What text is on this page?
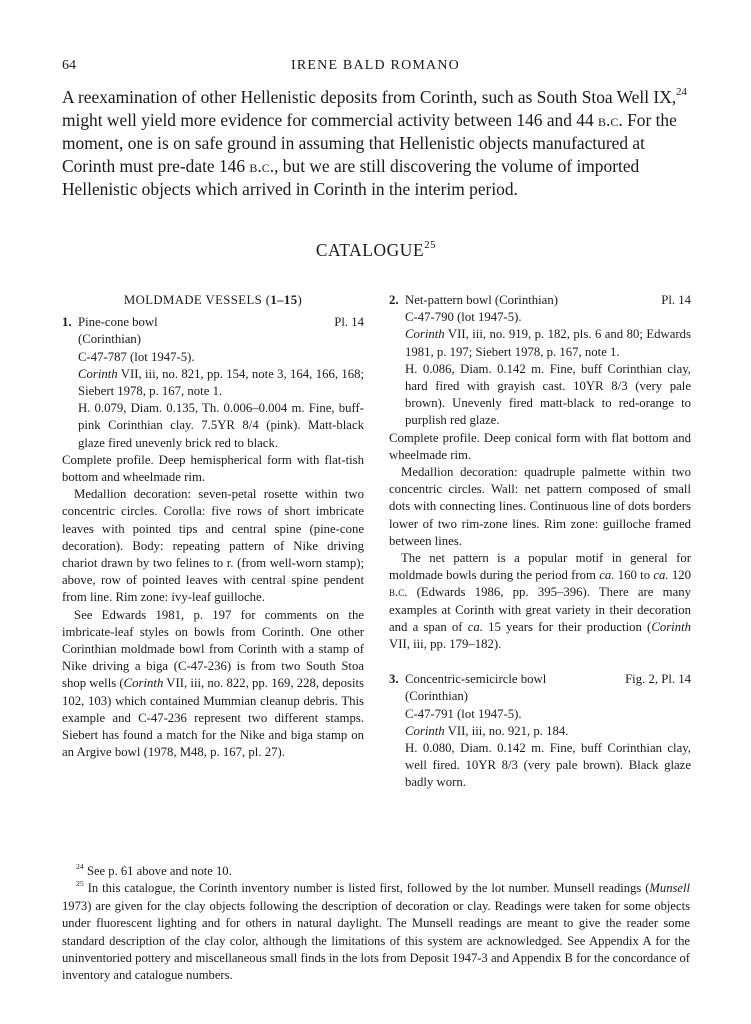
64	IRENE BALD ROMANO

A reexamination of other Hellenistic deposits from Corinth, such as South Stoa Well IX,$^{24}$ might well yield more evidence for commercial activity between 146 and 44 b.c. For the moment, one is on safe ground in assuming that Hellenistic objects manufactured at Corinth must pre-date 146 b.c., but we are still discovering the volume of imported Hellenistic objects which arrived in Corinth in the interim period.

CATALOGUE$^{25}$
MOLDMADE VESSELS (1–15)

1. Pine-cone bowl	Pl. 14

(Corinthian)

C-47-787 (lot 1947-5).

Corinth VII, iii, no. 821, pp. 154, note 3, 164, 166, 168; Siebert 1978, p. 167, note 1.

H. 0.079, Diam. 0.135, Th. 0.006–0.004 m. Fine, buff-pink Corinthian clay. 7.5YR 8/4 (pink). Matt-black glaze fired unevenly brick red to black.

Complete profile. Deep hemispherical form with flat-tish bottom and wheelmade rim.

Medallion decoration: seven-petal rosette within two concentric circles. Corolla: five rows of short imbricate leaves with pointed tips and central spine (pine-cone decoration). Body: repeating pattern of Nike driving chariot drawn by two felines to r. (from well-worn stamp); above, row of pointed leaves with central spine pendent from line. Rim zone: ivy-leaf guilloche.

See Edwards 1981, p. 197 for comments on the imbricate-leaf styles on bowls from Corinth. One other Corinthian moldmade bowl from Corinth with a stamp of Nike driving a biga (C-47-236) is from two South Stoa shop wells (Corinth VII, iii, no. 822, pp. 169, 228, deposits 102, 103) which contained Mummian cleanup debris. This example and C-47-236 represent two different stamps. Siebert has found a match for the Nike and biga stamp on an Argive bowl (1978, M48, p. 167, pl. 27).

2. Net-pattern bowl (Corinthian)	Pl. 14

C-47-790 (lot 1947-5).

Corinth VII, iii, no. 919, p. 182, pls. 6 and 80; Edwards 1981, p. 197; Siebert 1978, p. 167, note 1.

H. 0.086, Diam. 0.142 m. Fine, buff Corinthian clay, hard fired with grayish cast. 10YR 8/3 (very pale brown). Unevenly fired matt-black to red-orange to purplish red glaze.

Complete profile. Deep conical form with flat bottom and wheelmade rim.

Medallion decoration: quadruple palmette within two concentric circles. Wall: net pattern composed of small dots with connecting lines. Continuous line of dots borders lower of two rim-zone lines. Rim zone: guilloche framed between lines.

The net pattern is a popular motif in general for moldmade bowls during the period from ca. 160 to ca. 120 b.c. (Edwards 1986, pp. 395–396). There are many examples at Corinth with great variety in their decoration and a span of ca. 15 years for their production (Corinth VII, iii, pp. 179–182).

3. Concentric-semicircle bowl	Fig. 2, Pl. 14

(Corinthian)

C-47-791 (lot 1947-5).

Corinth VII, iii, no. 921, p. 184.

H. 0.080, Diam. 0.142 m. Fine, buff Corinthian clay, well fired. 10YR 8/3 (very pale brown). Black glaze badly worn.

$^{24}$ See p. 61 above and note 10.

$^{25}$ In this catalogue, the Corinth inventory number is listed first, followed by the lot number. Munsell readings (Munsell 1973) are given for the clay objects following the description of decoration or clay. Readings were taken for some objects under fluorescent lighting and for others in natural daylight. The Munsell readings are meant to give the reader some standard description of the clay color, although the limitations of this system are acknowledged. See Appendix A for the uninventoried pottery and miscellaneous small finds in the lots from Deposit 1947-3 and Appendix B for the concordance of inventory and catalogue numbers.
